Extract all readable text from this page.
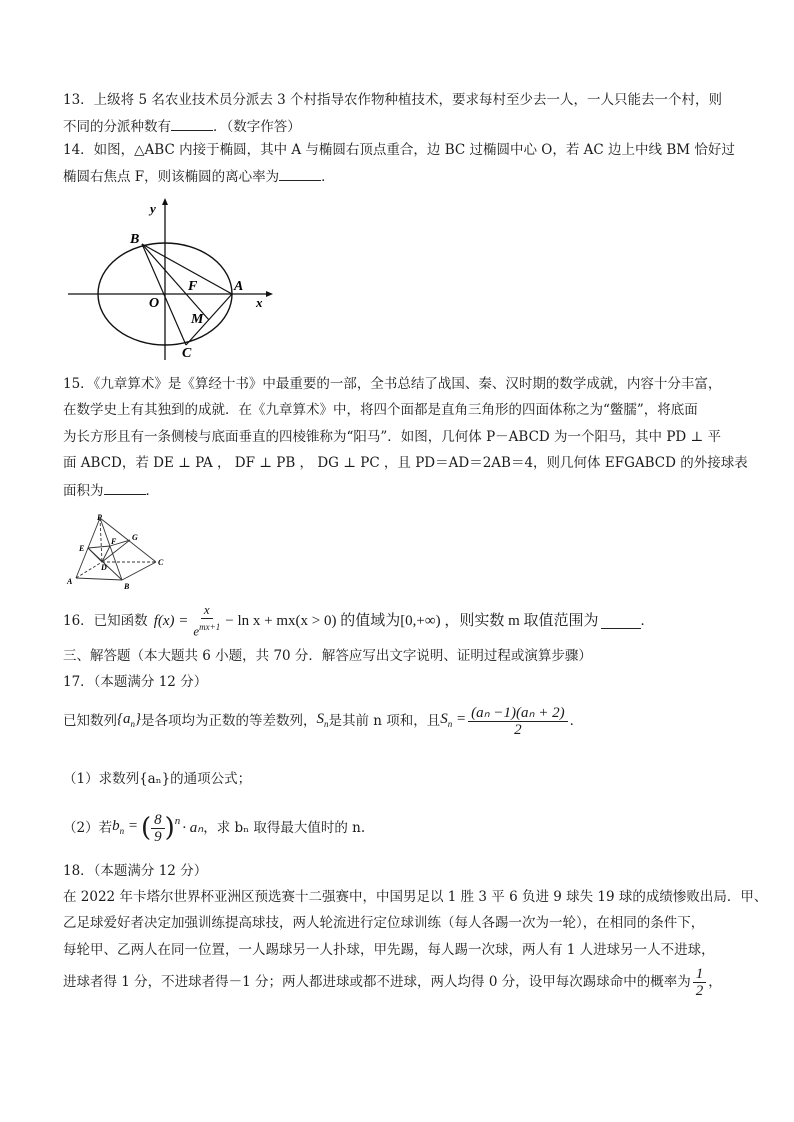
13．上级将 5 名农业技术员分派去 3 个村指导农作物种植技术，要求每村至少去一人，一人只能去一个村，则
不同的分派种数有	．（数字作答）
14．如图，△ABC 内接于椭圆，其中 A 与椭圆右顶点重合，边 BC 过椭圆中心 O，若 AC 边上中线 BM 恰好过
椭圆右焦点 F，则该椭圆的离心率为	．
B
O
F	A
M
C
y
x
15．《九章算术》是《算经十书》中最重要的一部，全书总结了战国、秦、汉时期的数学成就，内容十分丰富，
在数学史上有其独到的成就．在《九章算术》中，将四个面都是直角三角形的四面体称之为“鳖臑”，将底面
为长方形且有一条侧棱与底面垂直的四棱锥称为“阳马”．如图，几何体 P－ABCD 为一个阳马，其中 PD ⊥ 平
面 ABCD，若 DE ⊥ PA ， DF ⊥ PB ， DG ⊥ PC ，且 PD＝AD＝2AB＝4，则几何体 EFGABCD 的外接球表
面积为	．
P
E
F G
D
A
B
C
16．已知函数 $f(x) = \frac{x}{e^{mx+1}} - \ln x + mx(x > 0)$ 的值域为[0,+∞) ，则实数 m 取值范围为	．
三、解答题（本大题共 6 小题，共 70 分．解答应写出文字说明、证明过程或演算步骤）
17．（本题满分 12 分）
已知数列 $\{a_n\}$ 是各项均为正数的等差数列， $S_n$ 是其前 n 项和，且 $S_n = \frac{\text{(aₙ −1)(aₙ + 2)}}{2}$ ．
（1）求数列{aₙ}的通项公式；
（2）若 $b_n$ = ( $\frac{8}{9} )^n \cdot a_n$ ，求 bₙ 取得最大值时的 n.
18．（本题满分 12 分）
在 2022 年卡塔尔世界杯亚洲区预选赛十二强赛中，中国男足以 1 胜 3 平 6 负进 9 球失 19 球的成绩惨败出局．甲、
乙足球爱好者决定加强训练提高球技，两人轮流进行定位球训练（每人各踢一次为一轮），在相同的条件下，
每轮甲、乙两人在同一位置，一人踢球另一人扑球，甲先踢，每人踢一次球，两人有 1 人进球另一人不进球，
进球者得 1 分，不进球者得－1 分；两人都进球或都不进球，两人均得 0 分，设甲每次踢球命中的概率为 $\frac{1}{2}$ ，
